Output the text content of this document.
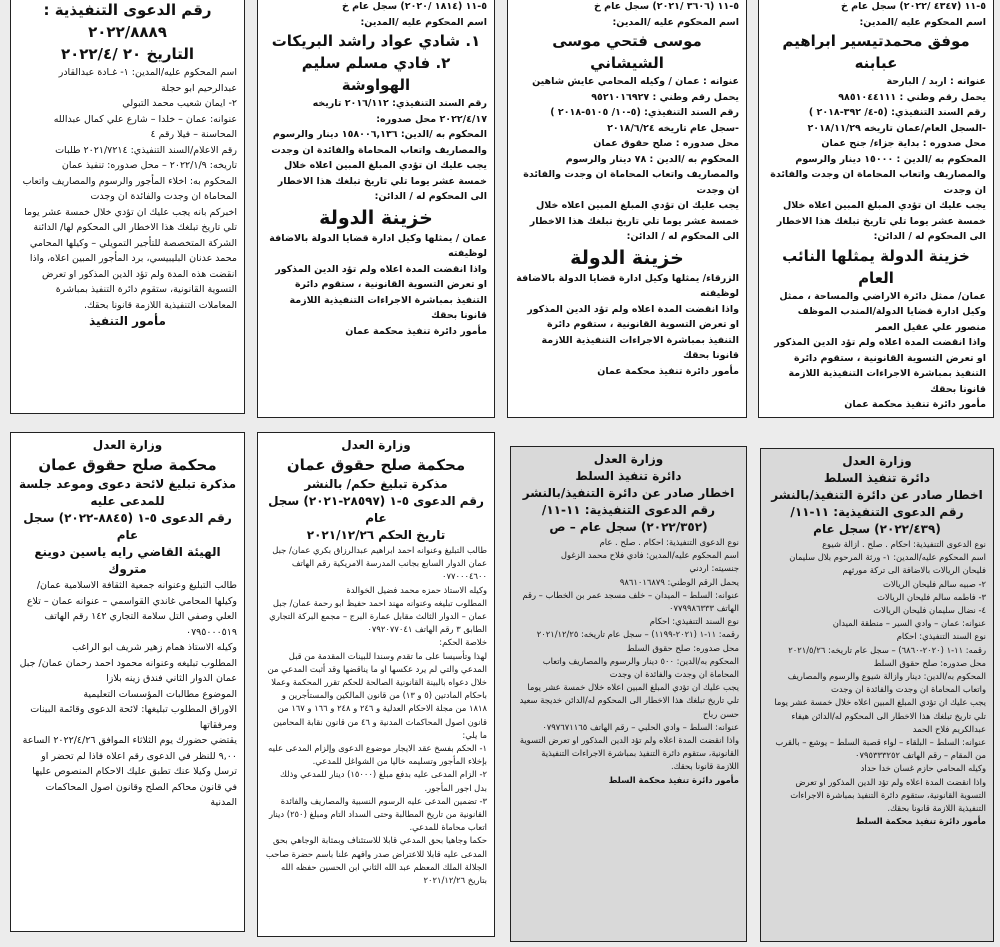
رقم الدعوى التنفيذية :

٢٠٢٢/٨٨٨٩

التاريخ ٢٠ /٢٠٢٢/٤

اسم المحكوم عليه/المدين: ١- غـادة عبدالقادر عبدالرحيم ابو حجلة

٢- ايمان شعيب محمد التبولي

عنوانه: عمان – خلدا – شارع علي كمال عبدالله المحاسنة – فيلا رقم ٤

رقم الاعلام/السند التنفيذي: ٢٠٢١/٧٢١٤ طلبات

تاريخه: ٢٠٢٢/١/٩ – محل صدوره: تنفيذ عمان

المحكوم به: اخلاء المأجور والرسوم والمصاريف واتعاب المحاماة ان وجدت والفائدة ان وجدت

اخبركم بانه يجب عليك ان تؤدي خلال خمسة عشر يوما تلي تاريخ تبلغك هذا الاخطار الى المحكوم لها/ الدائنة الشركة المتخصصة للتأجير التمويلي – وكيلها المحامي محمد عدنان البليبيسي، برد المأجور المبين اعلاه، واذا انقضت هذه المدة ولم تؤد الدين المذكور او تعرض التسوية القانونية، ستقوم دائرة التنفيذ بمباشرة المعاملات التنفيذية اللازمة قانونا بحقك.

مأمور التنفيذ

٥-١١ (١٨١٤ /٢٠٢٠) سجل عام خ

اسم المحكوم عليه /المدين:

١. شادي عواد راشد البريكات

٢. فادي مسلم سليم الهواوشة

رقم السند التنفيذي: ٢٠١٦/١١٢ تاريخه ٢٠٢٢/٤/١٧ محل صدوره:

المحكوم به /الدين: ١٥٨٠٠٦,١٣٦ دينار والرسوم والمصاريف واتعاب المحاماة والفائدة ان وجدت

يجب عليك ان تؤدي المبلغ المبين اعلاه خلال خمسة عشر يوما تلي تاريخ تبلغك هذا الاخطار الى المحكوم له / الدائن:

خزينة الدولة

عمان / يمثلها وكيل ادارة قضايا الدولة بالاضافة لوظيفته

واذا انقضت المدة اعلاه ولم تؤد الدين المذكور او تعرض التسوية القانونية ، ستقوم دائرة التنفيذ بمباشرة الاجراءات التنفيذية اللازمة قانونا بحقك

مأمور دائرة تنفيذ محكمة عمان

٥-١١ (٣٦٠٦ /٢٠٢١) سجل عام خ

اسم المحكوم عليه /المدين:

موسى فتحي موسى الشيشاني

عنوانه : عمان / وكيله المحامي عايش شاهين

يحمل رقم وطني : ٩٥٢١٠١٦٩٢٧

رقم السند التنفيذي: (٥-١٠/ ٥١٠٥-٢٠١٨ )

-سجل عام تاريخه ٢٠١٨/٦/٢٤

محل صدوره : صلح حقوق عمان

المحكوم به /الدين : ٧٨ دينار والرسوم والمصاريف واتعاب المحاماة ان وجدت والفائدة ان وجدت

يجب عليك ان تؤدي المبلغ المبين اعلاه خلال خمسة عشر يوما تلي تاريخ تبلغك هذا الاخطار الى المحكوم له / الدائن:

خزينة الدولة

الزرقاء/ يمثلها وكيل ادارة قضايا الدولة بالاضافة لوظيفته

واذا انقضت المدة اعلاه ولم تؤد الدين المذكور او تعرض التسوية القانونية ، ستقوم دائرة التنفيذ بمباشرة الاجراءات التنفيذية اللازمة قانونا بحقك

مأمور دائرة تنفيذ محكمة عمان

٥-١١ (٤٣٤٧ /٢٠٢٢) سجل عام خ

اسم المحكوم عليه /المدين:

موفق محمدتيسير ابراهيم عبابنه

عنوانه : اربد / البارحة

يحمل رقم وطني : ٩٨٥١٠٤٤١١١

رقم السند التنفيذي: (٥-٤/ ٣٩٢-٢٠١٨ )

-السجل العام/عمان تاريخه ٢٠١٨/١١/٢٩

محل صدوره : بداية جزاء/ جنح عمان

المحكوم به /الدين : ١٥٠٠٠ دينار والرسوم والمصاريف واتعاب المحاماة ان وجدت والفائدة ان وجدت

يجب عليك ان تؤدي المبلغ المبين اعلاه خلال خمسة عشر يوما تلي تاريخ تبلغك هذا الاخطار الى المحكوم له / الدائن:

خزينة الدولة يمثلها النائب العام

عمان/ ممثل دائرة الاراضي والمساحة ، ممثل وكيل ادارة قضايا الدولة/المندب الموظف منصور علي عقيل العمر

واذا انقضت المدة اعلاه ولم تؤد الدين المذكور او تعرض التسوية القانونية ، ستقوم دائرة التنفيذ بمباشرة الاجراءات التنفيذية اللازمة قانونا بحقك

مأمور دائرة تنفيذ محكمة عمان

وزارة العدل

محكمة صلح حقوق عمان

مذكرة تبليغ لائحة دعوى وموعد جلسة

للمدعى عليه

رقم الدعوى ٥-١ (٨٨٤٥-٢٠٢٢) سجل عام

الهيئة القاضي رايه ياسين دوينع متروك

طالب التبليغ وعنوانه جمعية الثقافة الاسلامية عمان/ وكيلها المحامي غاندي القواسمي – عنوانه عمان – تلاع العلي وصفي التل سلامة التجاري ١٤٢ رقم الهاتف ٠٧٩٥٠٠٠٥١٩

وكيله الاستاذ همام زهير شريف ابو الراغب

المطلوب تبليغه وعنوانه محمود احمد رحمان عمان/ جبل عمان الدوار الثاني فندق زينه بلازا

الموضوع مطالبات المؤسسات التعليمية

الاوراق المطلوب تبليغها: لائحة الدعوى وقائمة البينات ومرفقاتها

يقتضي حضورك يوم الثلاثاء الموافق ٢٠٢٢/٤/٢٦ الساعة ٩,٠٠ للنظر في الدعوى رقم اعلاه فاذا لم تحضر او ترسل وكيلا عنك تطبق عليك الاحكام المنصوص عليها في قانون محاكم الصلح وقانون اصول المحاكمات المدنية

وزارة العدل

محكمة صلح حقوق عمان

مذكرة تبليغ حكم/ بالنشر

رقم الدعوى ٥-١ (٢٨٥٩٧-٢٠٢١) سجل عام

تاريخ الحكم ٢٠٢١/١٢/٢٦

طالب التبليغ وعنوانه احمد ابراهيم عبدالرزاق بكري عمان/ جبل عمان الدوار السابع بجانب المدرسة الامريكية رقم الهاتف ٠٧٧٠٠٠٤٦٠٠

وكيله الاستاذ حمزه محمد فضيل الخوالدة

المطلوب تبليغه وعنوانه مهند احمد حفيظ ابو رحمة عمان/ جبل عمان – الدوار الثالث مقابل عمارة البرج – مجمع البركة التجاري الطابق ٣ رقم الهاتف ٠٧٩٢٠٧٧٠٤١

خلاصة الحكم:

لهذا وتأسيسا على ما تقدم وسندا للبينات المقدمة من قبل المدعي والتي لم يرد عكسها او ما يناقضها وقد أثبت المدعي من خلال دعواه بالبينة القانونية الصالحة للحكم تقرر المحكمة وعملا باحكام المادتين (٥ و ١٣) من قانون المالكين والمستأجرين و ١٨١٨ من مجلة الاحكام العدلية و ٢٤٦ و ٢٤٨ و ١٦٦ و ١٦٧ من قانون اصول المحاكمات المدنية و ٤٦ من قانون نقابة المحامين ما يلي:

١- الحكم بفسخ عقد الايجار موضوع الدعوى وإلزام المدعى عليه بإخلاء المأجور وتسليمه خاليا من الشواغل للمدعي.

٢- الزام المدعى عليه بدفع مبلغ (١٥٠٠٠) دينار للمدعي وذلك بدل اجور المأجور.

٣- تضمين المدعى عليه الرسوم النسبية والمصاريف والفائدة القانونية من تاريخ المطالبة وحتى السداد التام ومبلغ (٢٥٠) دينار اتعاب محاماة للمدعي.

حكما وجاهيا بحق المدعي قابلا للاستئناف وبمثابة الوجاهي بحق المدعى عليه قابلا للاعتراض صدر وافهم علنا باسم حضرة صاحب الجلالة الملك المعظم عبد الله الثاني ابن الحسين حفظه الله بتاريخ ٢٠٢١/١٢/٢٦

وزارة العدل

دائرة تنفيذ السلط

اخطار صادر عن دائرة التنفيذ/بالنشر

رقم الدعوى التنفيذية: ١١-١١/

(٢٠٢٢/٣٥٢) سجل عام – ص

نوع الدعوى التنفيذية: احكام . صلح . عام

اسم المحكوم عليه/المدين: فادي فلاح محمد الزغول

جنسيته: اردني

يحمل الرقم الوطني: ٩٨٦١٠١٦٨٧٩

عنوانه: السلط – الميدان – خلف مسجد عمر بن الخطاب – رقم الهاتف ٠٧٧٩٩٨٦٣٣٣

نوع السند التنفيذي: احكام

رقمه: ١١-١ (٢٠٢١-١١٩٩) – سجل عام تاريخه: ٢٠٢١/١٢/٢٥

محل صدوره: صلح حقوق السلط

المحكوم به/الدين: ٥٠٠ دينار والرسوم والمصاريف واتعاب المحاماة ان وجدت والفائدة ان وجدت

يجب عليك ان تؤدي المبلغ المبين اعلاه خلال خمسة عشر يوما تلي تاريخ تبلغك هذا الاخطار الى المحكوم له/الدائن خديجة سعيد حسن رباح

عنوانه: السلط – وادي الحلبي – رقم الهاتف ٠٧٩٧٦٧١١٦٥

واذا انقضت المدة اعلاه ولم تؤد الدين المذكور او تعرض التسوية القانونية، ستقوم دائرة التنفيذ بمباشرة الاجراءات التنفيذية اللازمة قانونا بحقك.

مأمور دائرة تنفيذ محكمة السلط

وزارة العدل

دائرة تنفيذ السلط

اخطار صادر عن دائرة التنفيذ/بالنشر

رقم الدعوى التنفيذية: ١١-١١/

(٢٠٢٢/٤٣٩) سجل عام

نوع الدعوى التنفيذية: احكام . صلح . ازالة شيوع

اسم المحكوم عليه/المدين: ١- ورثة المرحوم بلال سليمان فليحان الريالات بالاضافة الى تركة مورثهم

٢- صبيه سالم فليحان الريالات

٣- فاطمه سالم فليحان الريالات

٤- نضال سليمان فليحان الريالات

عنوانه: عمان – وادي السير – منطقة الميدان

نوع السند التنفيذي: احكام

رقمه: ١١-١ (٢٠٢٠-٦٨٦٠) – سجل عام تاريخه: ٢٠٢١/٥/٢٦

محل صدوره: صلح حقوق السلط

المحكوم به/الدين: دينار وازالة شيوع والرسوم والمصاريف واتعاب المحاماة ان وجدت والفائدة ان وجدت

يجب عليك ان تؤدي المبلغ المبين اعلاه خلال خمسة عشر يوما تلي تاريخ تبلغك هذا الاخطار الى المحكوم له/الدائن هيفاء عبدالكريم فلاح الحمد

عنوانه: السلط – البلقاء – لواء قصبة السلط – يوشع – بالقرب من المقام – رقم الهاتف ٠٧٩٥٣٣٣٢٥٢

وكيله المحامي حازم غسان خدا حداد

واذا انقضت المدة اعلاه ولم تؤد الدين المذكور او تعرض التسوية القانونية، ستقوم دائرة التنفيذ بمباشرة الاجراءات التنفيذية اللازمة قانونا بحقك.

مأمور دائرة تنفيذ محكمة السلط
